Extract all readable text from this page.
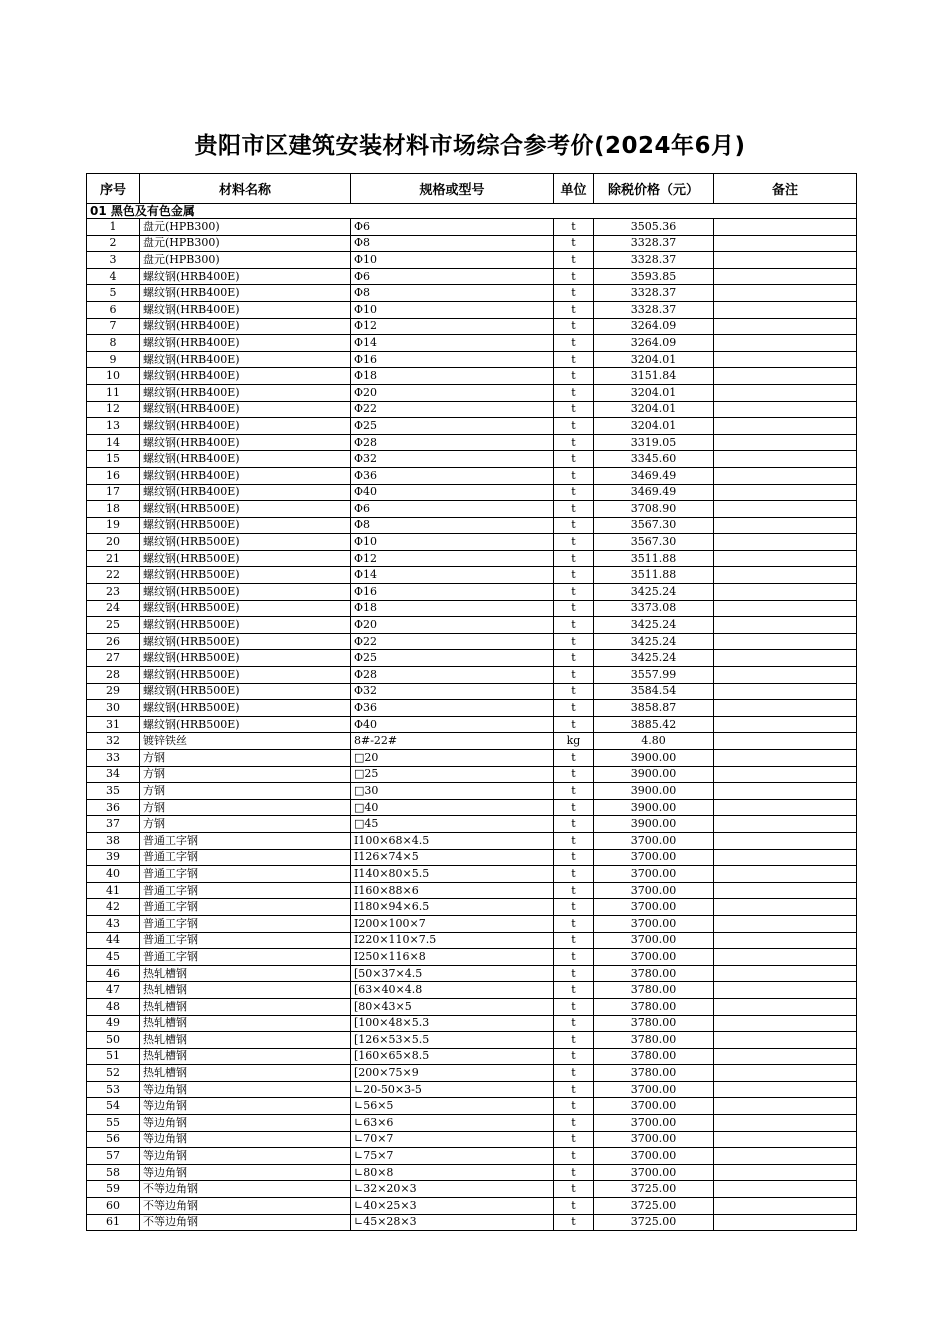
贵阳市区建筑安装材料市场综合参考价(2024年6月)
序号	材料名称	规格或型号	单位	除税价格（元）	备注
01 黑色及有色金属					
1	盘元(HPB300)	Φ6	t	3505.36	
2	盘元(HPB300)	Φ8	t	3328.37	
3	盘元(HPB300)	Φ10	t	3328.37	
4	螺纹钢(HRB400E)	Φ6	t	3593.85	
5	螺纹钢(HRB400E)	Φ8	t	3328.37	
6	螺纹钢(HRB400E)	Φ10	t	3328.37	
7	螺纹钢(HRB400E)	Φ12	t	3264.09	
8	螺纹钢(HRB400E)	Φ14	t	3264.09	
9	螺纹钢(HRB400E)	Φ16	t	3204.01	
10	螺纹钢(HRB400E)	Φ18	t	3151.84	
11	螺纹钢(HRB400E)	Φ20	t	3204.01	
12	螺纹钢(HRB400E)	Φ22	t	3204.01	
13	螺纹钢(HRB400E)	Φ25	t	3204.01	
14	螺纹钢(HRB400E)	Φ28	t	3319.05	
15	螺纹钢(HRB400E)	Φ32	t	3345.60	
16	螺纹钢(HRB400E)	Φ36	t	3469.49	
17	螺纹钢(HRB400E)	Φ40	t	3469.49	
18	螺纹钢(HRB500E)	Φ6	t	3708.90	
19	螺纹钢(HRB500E)	Φ8	t	3567.30	
20	螺纹钢(HRB500E)	Φ10	t	3567.30	
21	螺纹钢(HRB500E)	Φ12	t	3511.88	
22	螺纹钢(HRB500E)	Φ14	t	3511.88	
23	螺纹钢(HRB500E)	Φ16	t	3425.24	
24	螺纹钢(HRB500E)	Φ18	t	3373.08	
25	螺纹钢(HRB500E)	Φ20	t	3425.24	
26	螺纹钢(HRB500E)	Φ22	t	3425.24	
27	螺纹钢(HRB500E)	Φ25	t	3425.24	
28	螺纹钢(HRB500E)	Φ28	t	3557.99	
29	螺纹钢(HRB500E)	Φ32	t	3584.54	
30	螺纹钢(HRB500E)	Φ36	t	3858.87	
31	螺纹钢(HRB500E)	Φ40	t	3885.42	
32	镀锌铁丝	8#-22#	kg	4.80	
33	方钢	□20	t	3900.00	
34	方钢	□25	t	3900.00	
35	方钢	□30	t	3900.00	
36	方钢	□40	t	3900.00	
37	方钢	□45	t	3900.00	
38	普通工字钢	I100×68×4.5	t	3700.00	
39	普通工字钢	I126×74×5	t	3700.00	
40	普通工字钢	I140×80×5.5	t	3700.00	
41	普通工字钢	I160×88×6	t	3700.00	
42	普通工字钢	I180×94×6.5	t	3700.00	
43	普通工字钢	I200×100×7	t	3700.00	
44	普通工字钢	I220×110×7.5	t	3700.00	
45	普通工字钢	I250×116×8	t	3700.00	
46	热轧槽钢	[50×37×4.5	t	3780.00	
47	热轧槽钢	[63×40×4.8	t	3780.00	
48	热轧槽钢	[80×43×5	t	3780.00	
49	热轧槽钢	[100×48×5.3	t	3780.00	
50	热轧槽钢	[126×53×5.5	t	3780.00	
51	热轧槽钢	[160×65×8.5	t	3780.00	
52	热轧槽钢	[200×75×9	t	3780.00	
53	等边角钢	∟20-50×3-5	t	3700.00	
54	等边角钢	∟56×5	t	3700.00	
55	等边角钢	∟63×6	t	3700.00	
56	等边角钢	∟70×7	t	3700.00	
57	等边角钢	∟75×7	t	3700.00	
58	等边角钢	∟80×8	t	3700.00	
59	不等边角钢	∟32×20×3	t	3725.00	
60	不等边角钢	∟40×25×3	t	3725.00	
61	不等边角钢	∟45×28×3	t	3725.00	
